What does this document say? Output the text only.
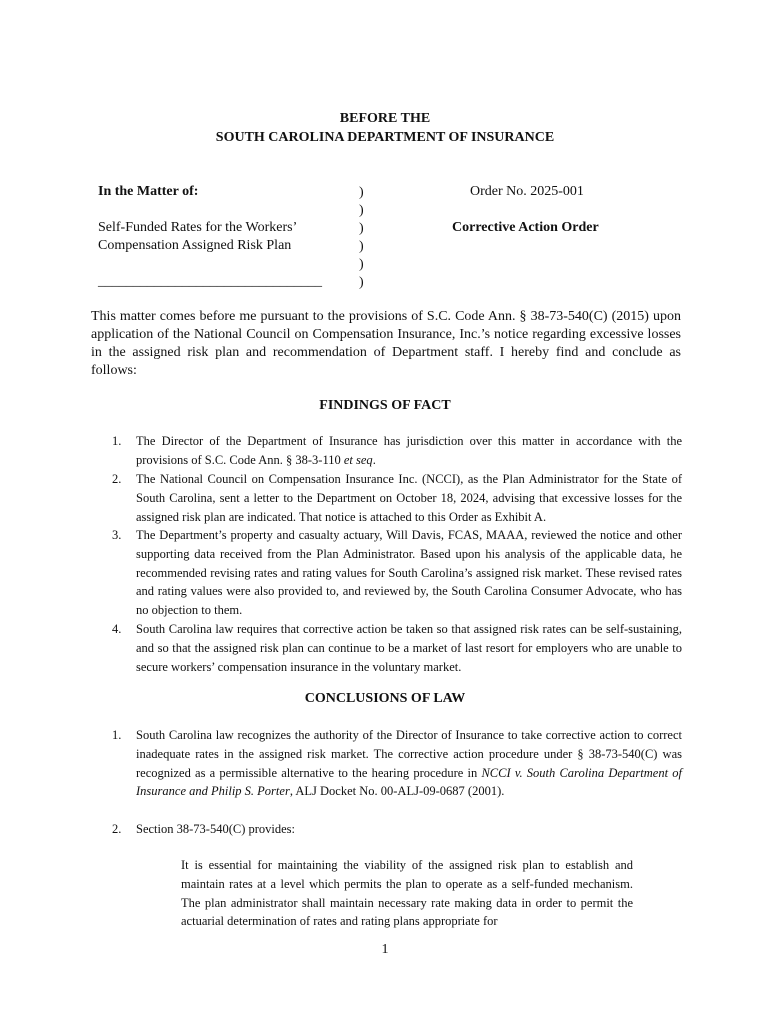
BEFORE THE
SOUTH CAROLINA DEPARTMENT OF INSURANCE
In the Matter of:
Self-Funded Rates for the Workers’
Compensation Assigned Risk Plan
________________________________
)
)
)
)
)
)
Order No. 2025-001
Corrective Action Order
This matter comes before me pursuant to the provisions of S.C. Code Ann. § 38-73-540(C) (2015) upon application of the National Council on Compensation Insurance, Inc.’s notice regarding excessive losses in the assigned risk plan and recommendation of Department staff. I hereby find and conclude as follows:
FINDINGS OF FACT
1. The Director of the Department of Insurance has jurisdiction over this matter in accordance with the provisions of S.C. Code Ann. § 38-3-110 et seq.
2. The National Council on Compensation Insurance Inc. (NCCI), as the Plan Administrator for the State of South Carolina, sent a letter to the Department on October 18, 2024, advising that excessive losses for the assigned risk plan are indicated. That notice is attached to this Order as Exhibit A.
3. The Department’s property and casualty actuary, Will Davis, FCAS, MAAA, reviewed the notice and other supporting data received from the Plan Administrator. Based upon his analysis of the applicable data, he recommended revising rates and rating values for South Carolina’s assigned risk market. These revised rates and rating values were also provided to, and reviewed by, the South Carolina Consumer Advocate, who has no objection to them.
4. South Carolina law requires that corrective action be taken so that assigned risk rates can be self-sustaining, and so that the assigned risk plan can continue to be a market of last resort for employers who are unable to secure workers’ compensation insurance in the voluntary market.
CONCLUSIONS OF LAW
1. South Carolina law recognizes the authority of the Director of Insurance to take corrective action to correct inadequate rates in the assigned risk market. The corrective action procedure under § 38-73-540(C) was recognized as a permissible alternative to the hearing procedure in NCCI v. South Carolina Department of Insurance and Philip S. Porter, ALJ Docket No. 00-ALJ-09-0687 (2001).
2. Section 38-73-540(C) provides:
It is essential for maintaining the viability of the assigned risk plan to establish and maintain rates at a level which permits the plan to operate as a self-funded mechanism. The plan administrator shall maintain necessary rate making data in order to permit the actuarial determination of rates and rating plans appropriate for
1
